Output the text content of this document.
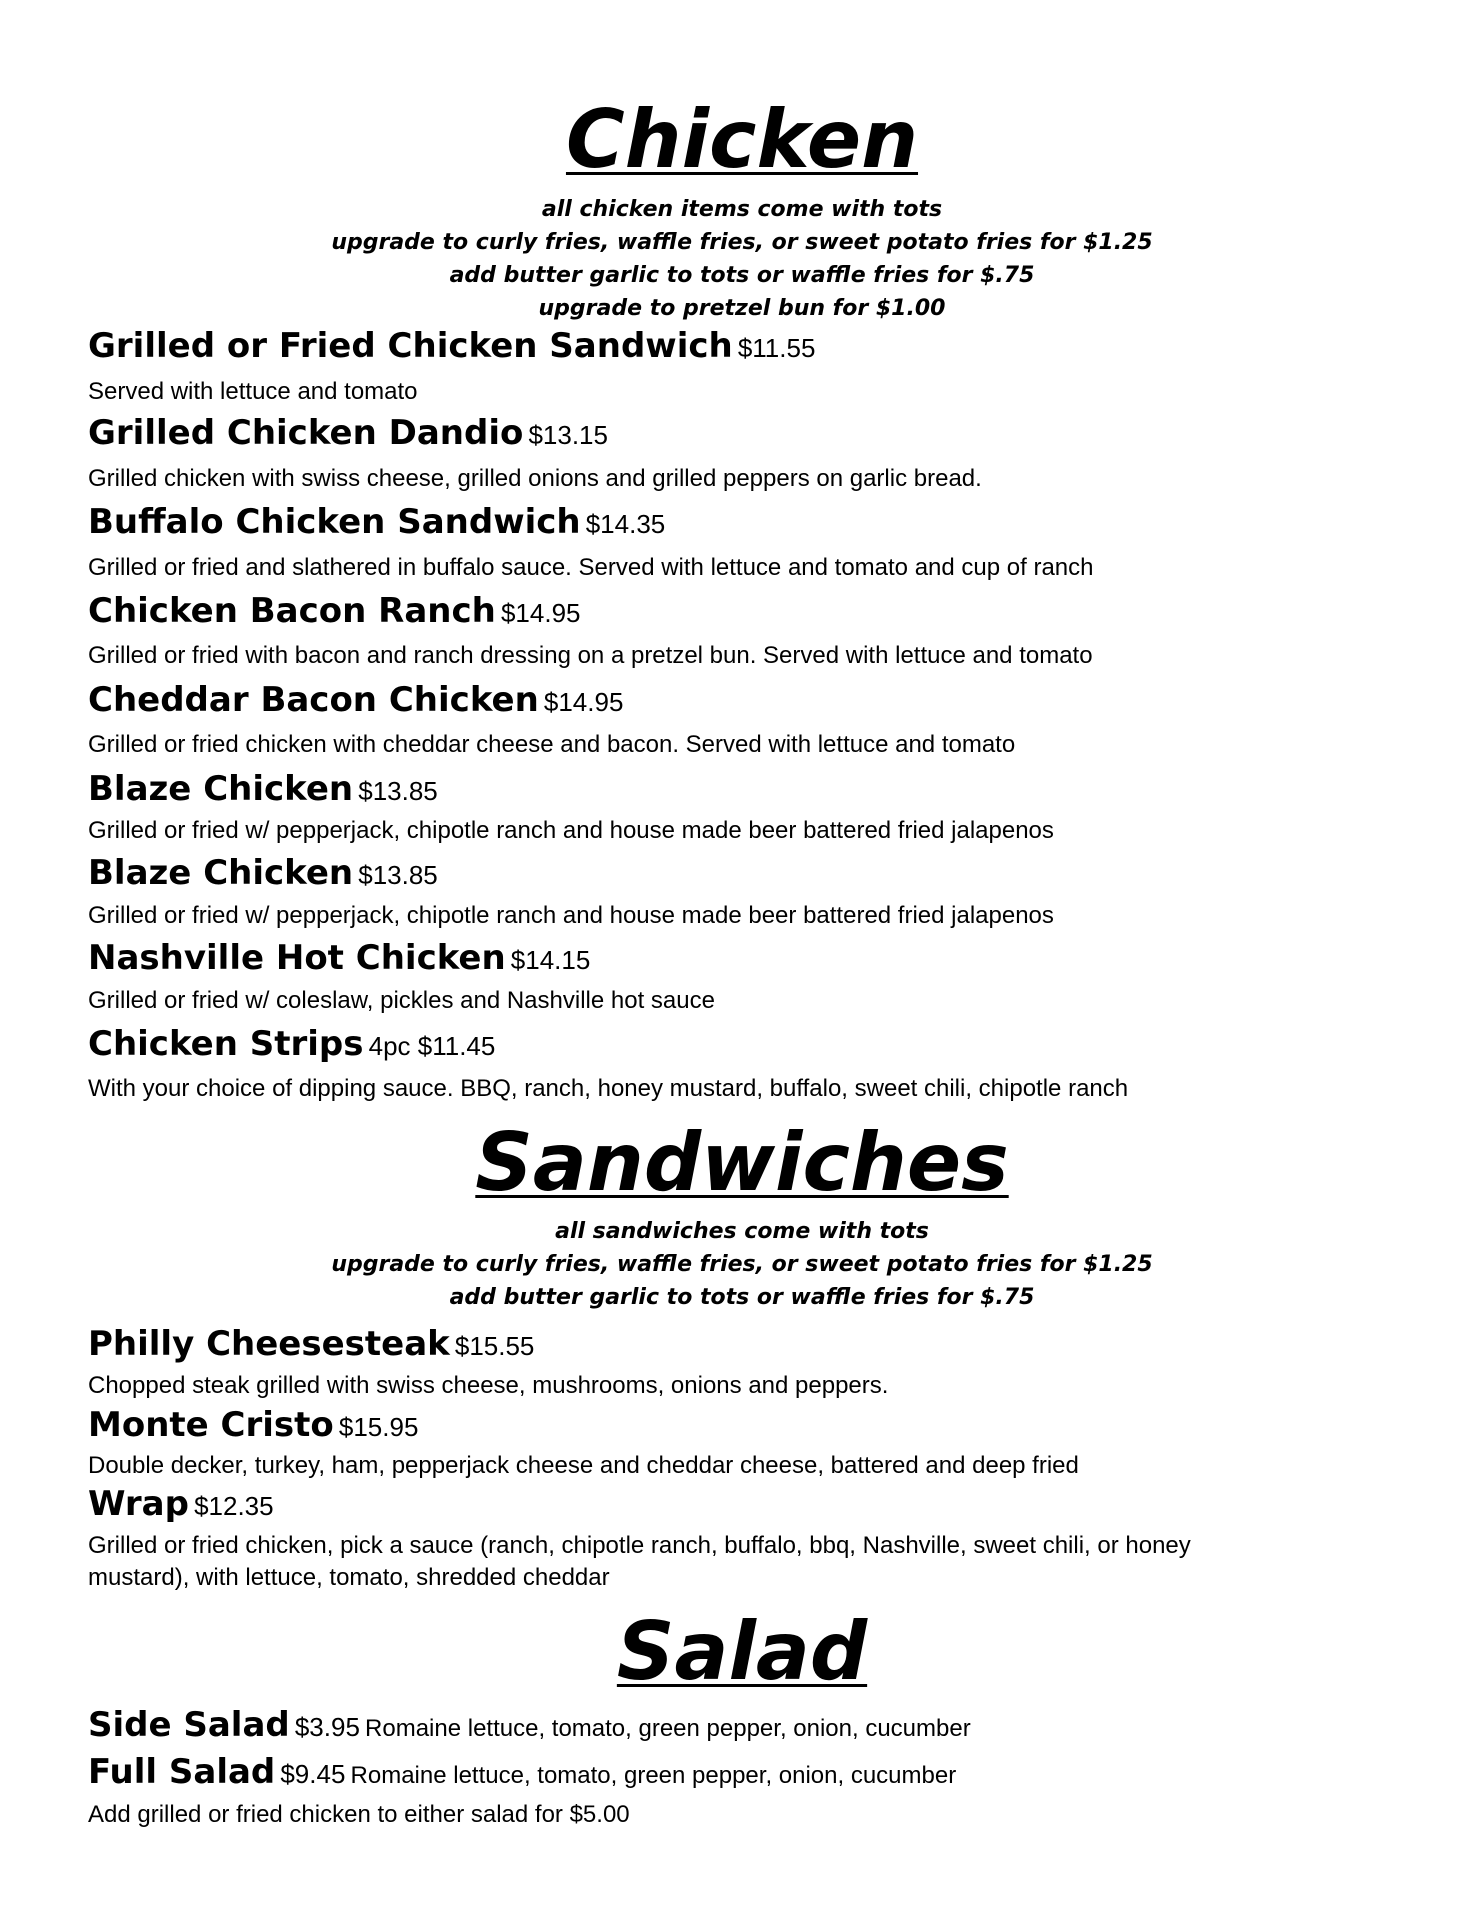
Chicken
all chicken items come with tots
upgrade to curly fries, waffle fries, or sweet potato fries for $1.25
add butter garlic to tots or waffle fries for $.75
upgrade to pretzel bun for $1.00
Grilled or Fried Chicken Sandwich $11.55
Served with lettuce and tomato
Grilled Chicken Dandio $13.15
Grilled chicken with swiss cheese, grilled onions and grilled peppers on garlic bread.
Buffalo Chicken Sandwich $14.35
Grilled or fried and slathered in buffalo sauce. Served with lettuce and tomato and cup of ranch
Chicken Bacon Ranch $14.95
Grilled or fried with bacon and ranch dressing on a pretzel bun. Served with lettuce and tomato
Cheddar Bacon Chicken $14.95
Grilled or fried chicken with cheddar cheese and bacon. Served with lettuce and tomato
Blaze Chicken $13.85
Grilled or fried w/ pepperjack, chipotle ranch and house made beer battered fried jalapenos
Blaze Chicken $13.85
Grilled or fried w/ pepperjack, chipotle ranch and house made beer battered fried jalapenos
Nashville Hot Chicken $14.15
Grilled or fried w/ coleslaw, pickles and Nashville hot sauce
Chicken Strips 4pc $11.45
With your choice of dipping sauce. BBQ, ranch, honey mustard, buffalo, sweet chili, chipotle ranch
Sandwiches
all sandwiches come with tots
upgrade to curly fries, waffle fries, or sweet potato fries for $1.25
add butter garlic to tots or waffle fries for $.75
Philly Cheesesteak $15.55
Chopped steak grilled with swiss cheese, mushrooms, onions and peppers.
Monte Cristo $15.95
Double decker, turkey, ham, pepperjack cheese and cheddar cheese, battered and deep fried
Wrap $12.35
Grilled or fried chicken, pick a sauce (ranch, chipotle ranch, buffalo, bbq, Nashville, sweet chili, or honey mustard), with lettuce, tomato, shredded cheddar
Salad
Side Salad $3.95 Romaine lettuce, tomato, green pepper, onion, cucumber
Full Salad $9.45 Romaine lettuce, tomato, green pepper, onion, cucumber
Add grilled or fried chicken to either salad for $5.00
